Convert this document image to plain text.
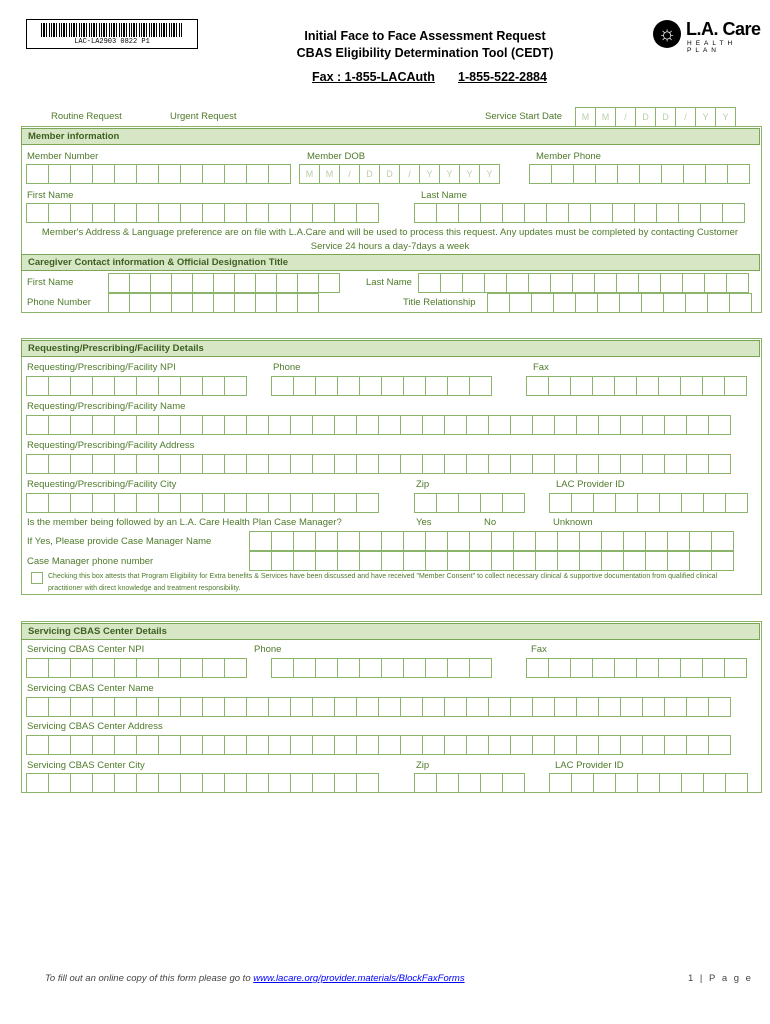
LAC-LA2903 0822 P1	Initial Face to Face Assessment Request
CBAS Eligibility Determination Tool (CEDT)
Fax : 1-855-LACAuth 1-855-522-2884
☼ L.A. Care
HEALTH PLAN
Routine Request	Urgent Request	Service Start Date	M	M	/	D	D	/	Y	Y
Member information
Member Number	Member DOB	Member Phone
M	M	/	D	D	/	Y	Y	Y	Y
First Name	Last Name
Member's Address & Language preference are on file with L.A.Care and will be used to process this request. Any updates must be completed by contacting Customer Service 24 hours a day-7days a week
Caregiver Contact information & Official Designation Title
First Name	Last Name
Phone Number	Title Relationship
Requesting/Prescribing/Facility Details
Requesting/Prescribing/Facility NPI	Phone	Fax
Requesting/Prescribing/Facility Name
Requesting/Prescribing/Facility Address
Requesting/Prescribing/Facility City	Zip	LAC Provider ID
Is the member being followed by an L.A. Care Health Plan Case Manager?	Yes	No	Unknown
If Yes, Please provide Case Manager Name
Case Manager phone number
Checking this box attests that Program Eligibility for Extra benefits & Services have been discussed and have received "Member Consent" to collect necessary clinical & supportive documentation from qualified clinical practitioner with direct knowledge and treatment responsibility.
Servicing CBAS Center Details
Servicing CBAS Center NPI	Phone	Fax
Servicing CBAS Center Name
Servicing CBAS Center Address
Servicing CBAS Center City	Zip	LAC Provider ID
To fill out an online copy of this form please go to www.lacare.org/provider.materials/BlockFaxForms	1 | P a g e
